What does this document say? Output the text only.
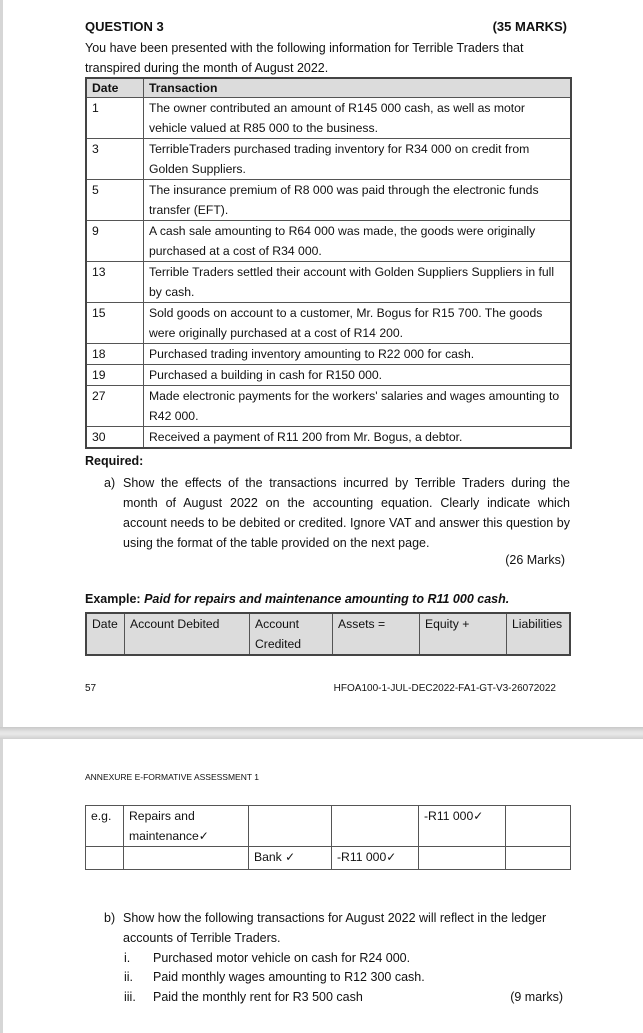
QUESTION 3	(35 MARKS)
You have been presented with the following information for Terrible Traders that transpired during the month of August 2022.
Date	Transaction
1	The owner contributed an amount of R145 000 cash, as well as motor vehicle valued at R85 000 to the business.
3	TerribleTraders purchased trading inventory for R34 000 on credit from Golden Suppliers.
5	The insurance premium of R8 000 was paid through the electronic funds transfer (EFT).
9	A cash sale amounting to R64 000 was made, the goods were originally purchased at a cost of R34 000.
13	Terrible Traders settled their account with Golden Suppliers Suppliers in full by cash.
15	Sold goods on account to a customer, Mr. Bogus for R15 700. The goods were originally purchased at a cost of R14 200.
18	Purchased trading inventory amounting to R22 000 for cash.
19	Purchased a building in cash for R150 000.
27	Made electronic payments for the workers' salaries and wages amounting to R42 000.
30	Received a payment of R11 200 from Mr. Bogus, a debtor.
Required:
a) Show the effects of the transactions incurred by Terrible Traders during the month of August 2022 on the accounting equation. Clearly indicate which account needs to be debited or credited. Ignore VAT and answer this question by using the format of the table provided on the next page.
(26 Marks)
Example: Paid for repairs and maintenance amounting to R11 000 cash.
Date	Account Debited	Account Credited	Assets =	Equity +	Liabilities
57	HFOA100-1-JUL-DEC2022-FA1-GT-V3-26072022
ANNEXURE E-FORMATIVE ASSESSMENT 1
e.g.	Repairs and maintenance✓			-R11 000✓	
		Bank ✓	-R11 000✓		
b) Show how the following transactions for August 2022 will reflect in the ledger accounts of Terrible Traders.
i. Purchased motor vehicle on cash for R24 000.
ii. Paid monthly wages amounting to R12 300 cash.
iii. Paid the monthly rent for R3 500 cash	(9 marks)
